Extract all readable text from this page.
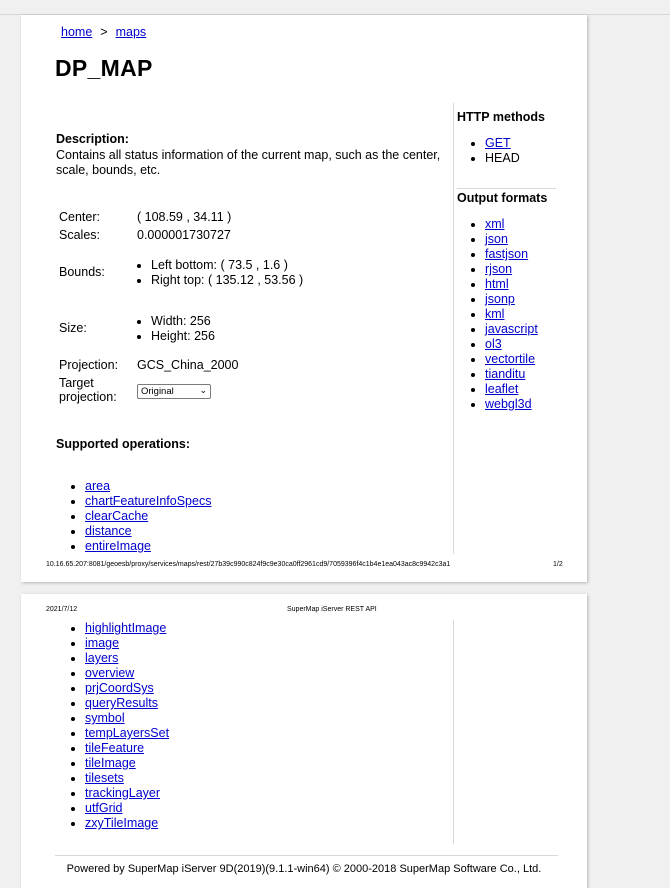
home > maps
DP_MAP
Description:
Contains all status information of the current map, such as the center, scale, bounds, etc.
Center:	( 108.59 , 34.11 )
Scales:	0.000001730727
Bounds:	• Left bottom: ( 73.5 , 1.6 )
• Right top: ( 135.12 , 53.56 )
Size:	• Width: 256
• Height: 256
Projection:	GCS_China_2000
Target projection:	Original	⌄
Supported operations:
• area
• chartFeatureInfoSpecs
• clearCache
• distance
• entireImage
HTTP methods
• GET
• HEAD
Output formats
• xml
• json
• fastjson
• rjson
• html
• jsonp
• kml
• javascript
• ol3
• vectortile
• tianditu
• leaflet
• webgl3d
10.16.65.207:8081/geoesb/proxy/services/maps/rest/27b39c990c824f9c9e30ca0ff2961cd9/7059396f4c1b4e1ea043ac8c9942c3a1	1/2
2021/7/12	SuperMap iServer REST API
• highlightImage
• image
• layers
• overview
• prjCoordSys
• queryResults
• symbol
• tempLayersSet
• tileFeature
• tileImage
• tilesets
• trackingLayer
• utfGrid
• zxyTileImage
Powered by SuperMap iServer 9D(2019)(9.1.1-win64) © 2000-2018 SuperMap Software Co., Ltd.
